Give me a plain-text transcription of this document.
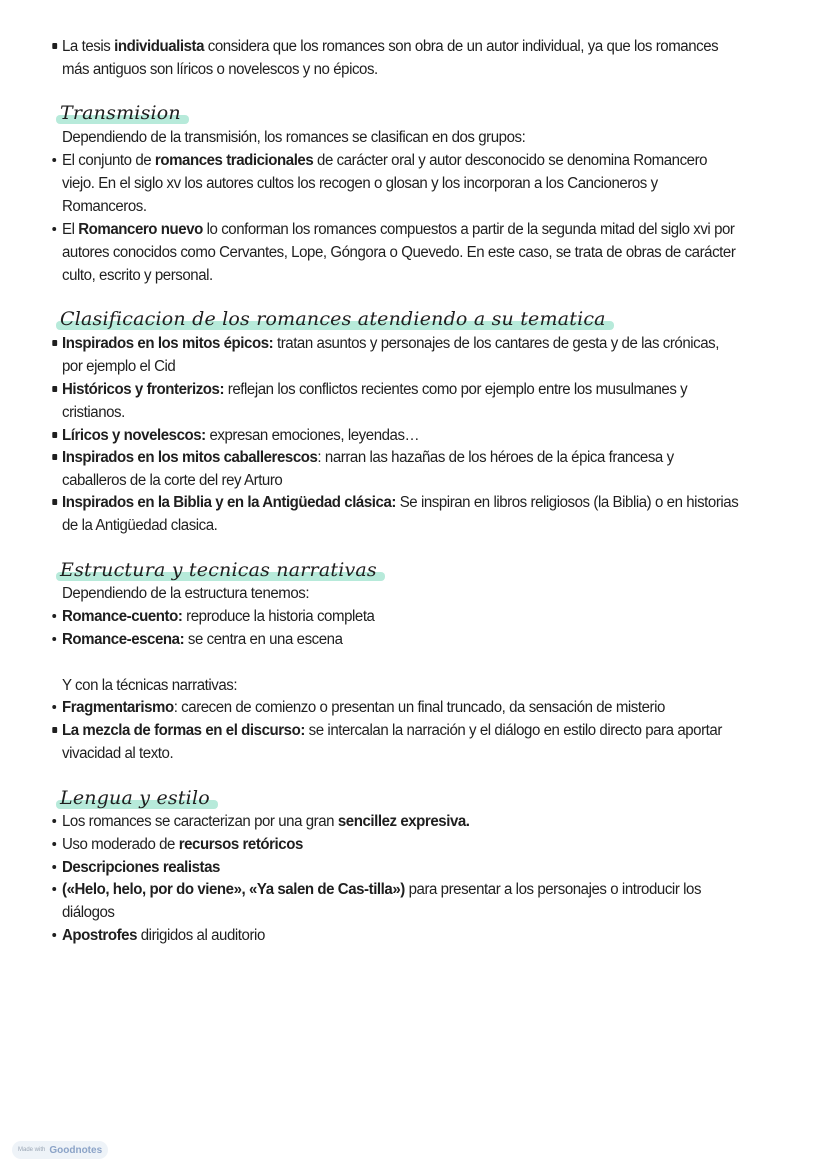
La tesis individualista considera que los romances son obra de un autor individual, ya que los romances más antiguos son líricos o novelescos y no épicos.
Transmision
Dependiendo de la transmisión, los romances se clasifican en dos grupos:
El conjunto de romances tradicionales de carácter oral y autor desconocido se denomina Romancero viejo. En el siglo xv los autores cultos los recogen o glosan y los incorporan a los Cancioneros y Romanceros.
El Romancero nuevo lo conforman los romances compuestos a partir de la segunda mitad del siglo xvi por autores conocidos como Cervantes, Lope, Góngora o Quevedo. En este caso, se trata de obras de carácter culto, escrito y personal.
Clasificacion de los romances atendiendo a su tematica
Inspirados en los mitos épicos: tratan asuntos y personajes de los cantares de gesta y de las crónicas, por ejemplo el Cid
Históricos y fronterizos: reflejan los conflictos recientes como por ejemplo entre los musulmanes y cristianos.
Líricos y novelescos: expresan emociones, leyendas…
Inspirados en los mitos caballerescos: narran las hazañas de los héroes de la épica francesa y caballeros de la corte del rey Arturo
Inspirados en la Biblia y en la Antigüedad clásica: Se inspiran en libros religiosos (la Biblia) o en historias de la Antigüedad clasica.
Estructura y tecnicas narrativas
Dependiendo de la estructura tenemos:
Romance-cuento: reproduce la historia completa
Romance-escena: se centra en una escena
Y con la técnicas narrativas:
Fragmentarismo: carecen de comienzo o presentan un final truncado, da sensación de misterio
La mezcla de formas en el discurso: se intercalan la narración y el diálogo en estilo directo para aportar vivacidad al texto.
Lengua y estilo
Los romances se caracterizan por una gran sencillez expresiva.
Uso moderado de recursos retóricos
Descripciones realistas
(«Helo, helo, por do viene», «Ya salen de Cas-tilla») para presentar a los personajes o introducir los diálogos
Apostrofes dirigidos al auditorio
Made with Goodnotes
